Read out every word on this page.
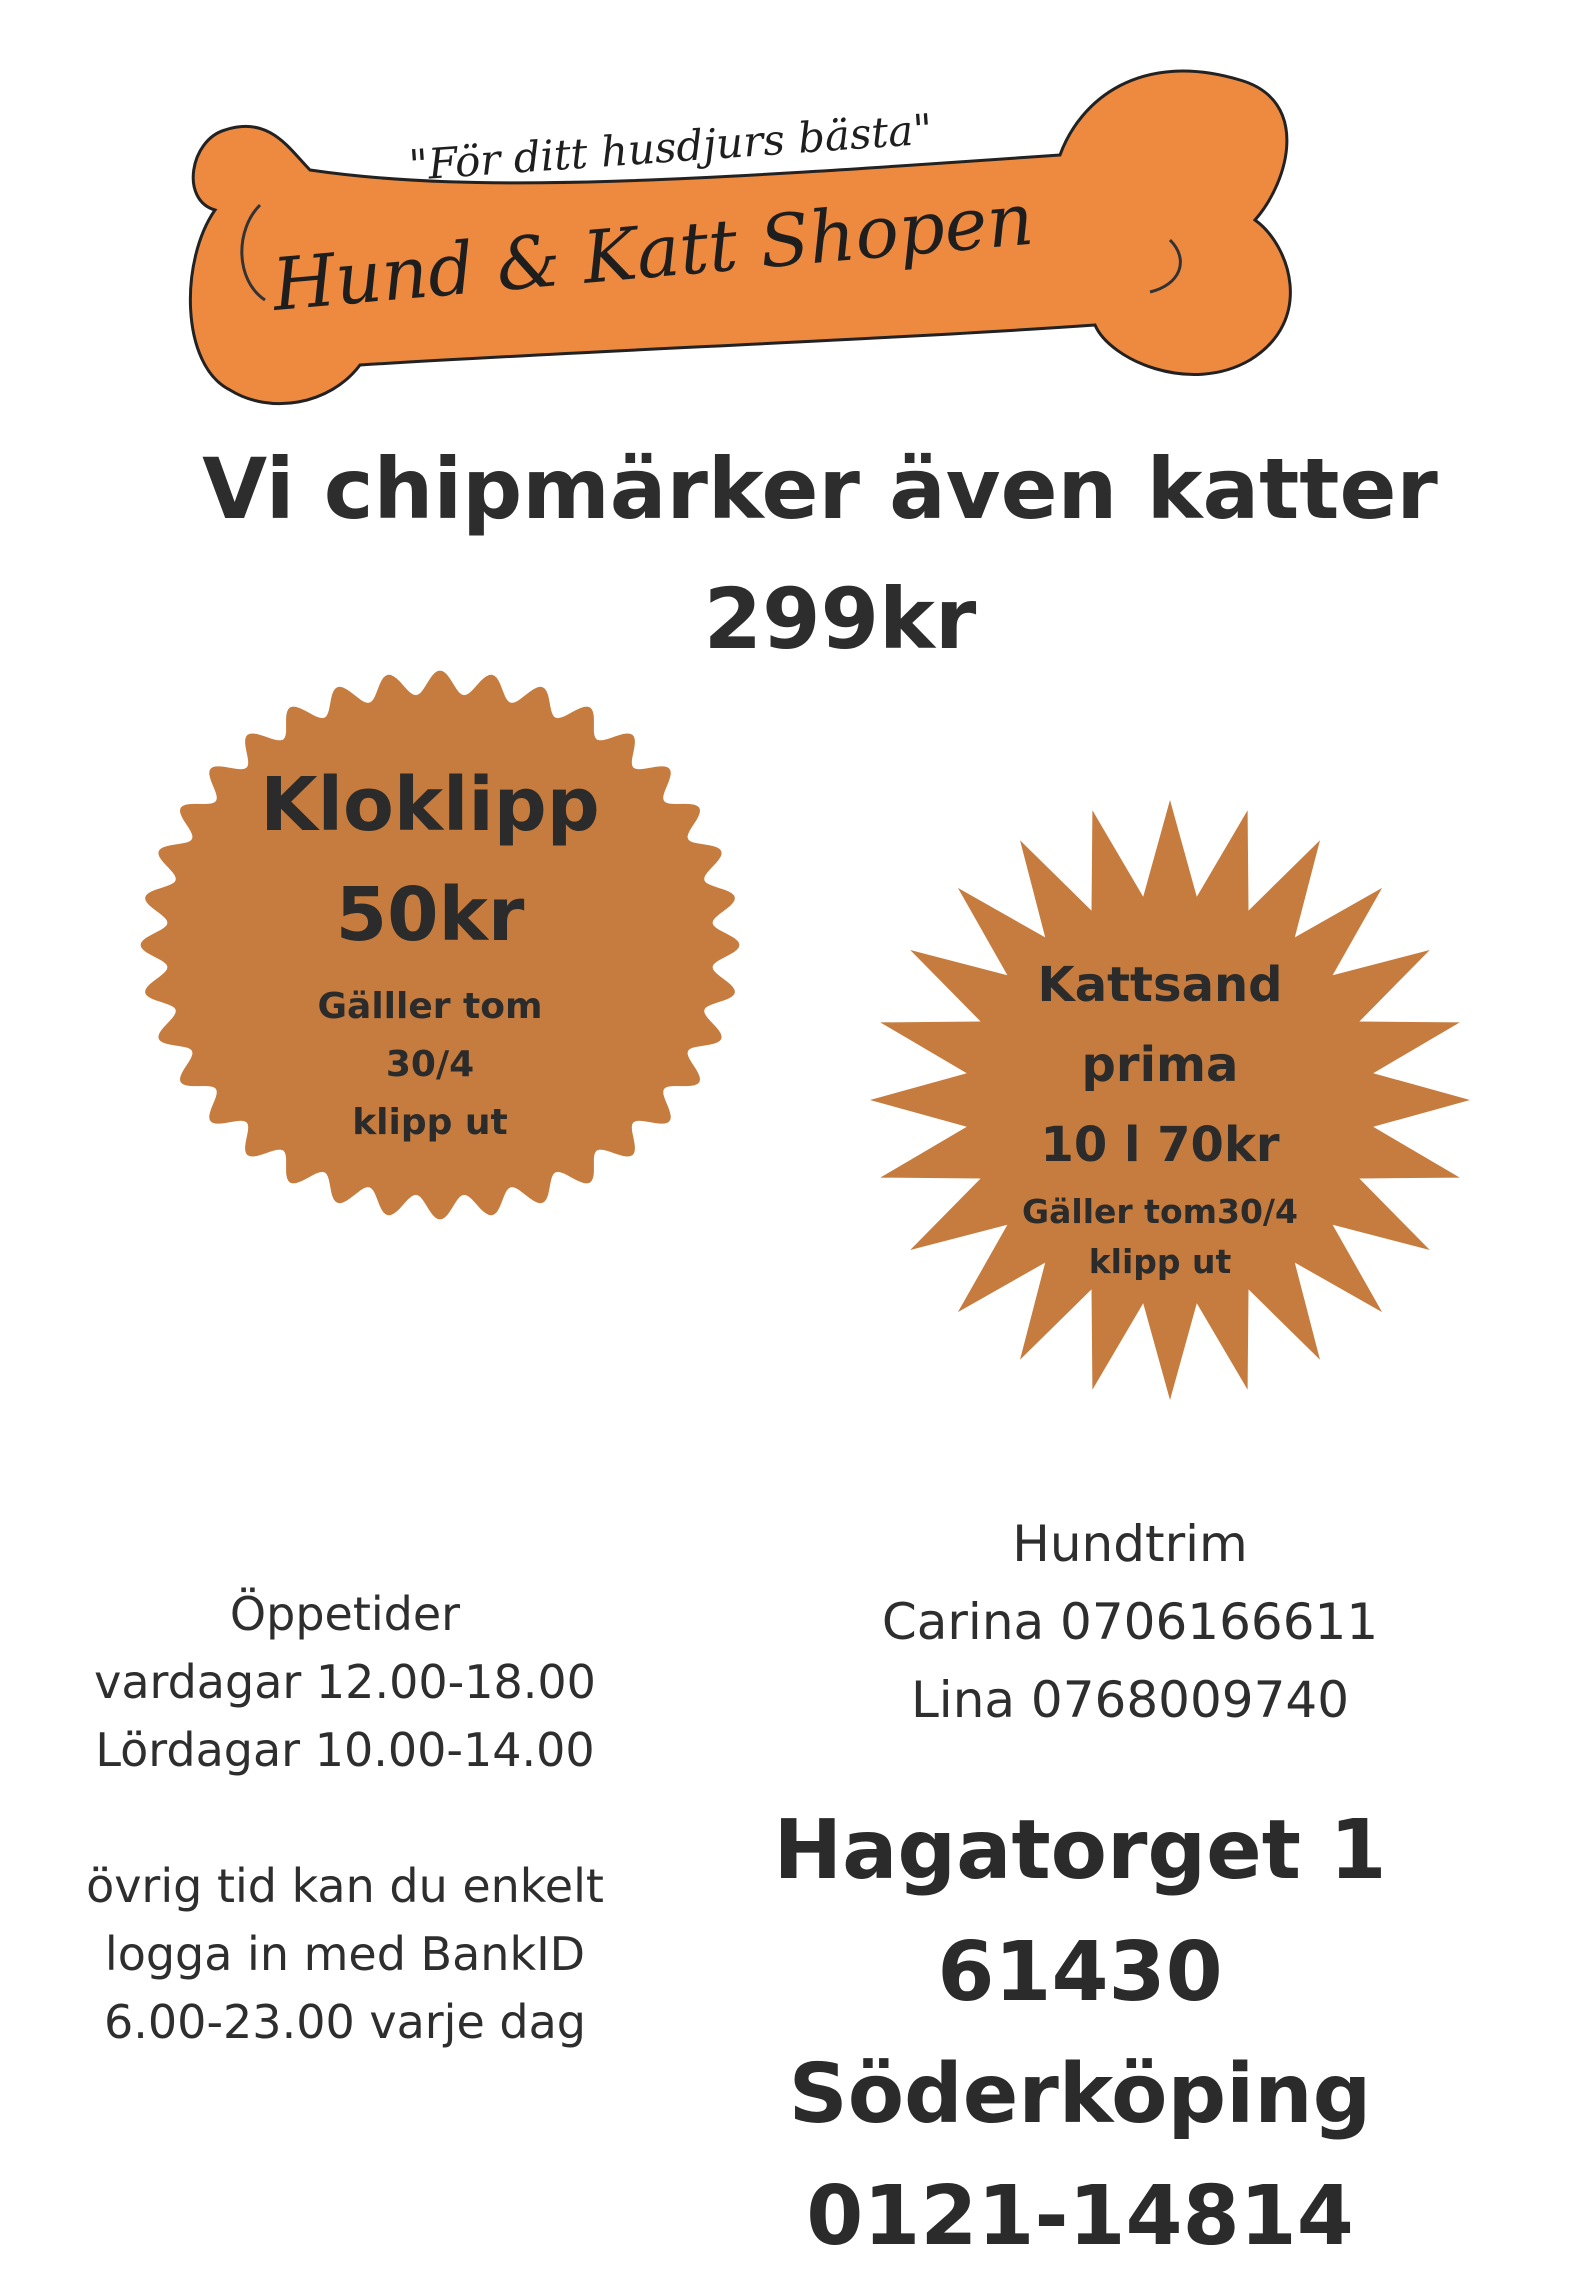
"För ditt husdjurs bästa"
Hund & Katt Shopen
Vi chipmärker även katter
299kr
Kloklipp
50kr
Gälller tom
30/4
klipp ut
Kattsand
prima
10 l 70kr
Gäller tom30/4
klipp ut
Öppetider
vardagar 12.00-18.00
Lördagar 10.00-14.00
övrig tid kan du enkelt
logga in med BankID
6.00-23.00 varje dag
Hundtrim
Carina 0706166611
Lina 0768009740
Hagatorget 1
61430 Söderköping
0121-14814
